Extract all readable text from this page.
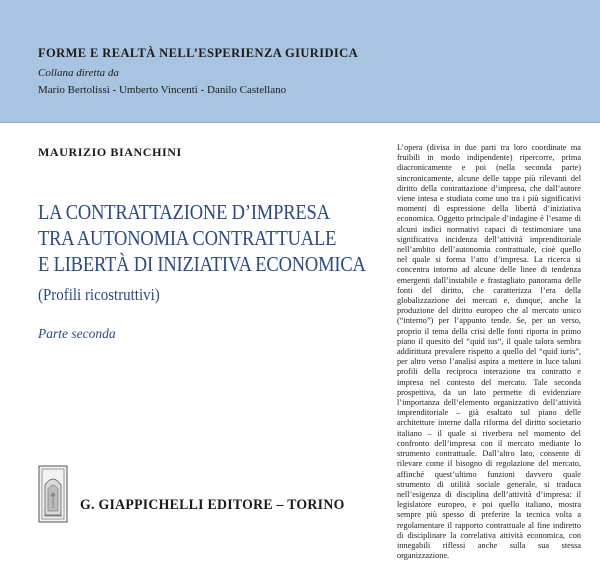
FORME E REALTÀ NELL’ESPERIENZA GIURIDICA
Collana diretta da
Mario Bertolissi - Umberto Vincenti - Danilo Castellano
MAURIZIO BIANCHINI
LA CONTRATTAZIONE D’IMPRESA
TRA AUTONOMIA CONTRATTUALE
E LIBERTÀ DI INIZIATIVA ECONOMICA
(Profili ricostruttivi)
Parte seconda
G. GIAPPICHELLI EDITORE – TORINO

L’opera (divisa in due parti tra loro coordinate ma fruibili in modo indipendente) ripercorre, prima diacronicamente e poi (nella seconda parte) sincronicamente, alcune delle tappe più rilevanti del diritto della contrattazione d’impresa, che dall’autore viene intesa e studiata come uno tra i più significativi momenti di espressione della libertà d’iniziativa economica. Oggetto principale d’indagine è l’esame di alcuni indici normativi capaci di testimoniare una significativa incidenza dell’attività imprenditoriale nell’ambito dell’autonomia contrattuale, cioè quello nel quale si forma l’atto d’impresa. La ricerca si concentra intorno ad alcune delle linee di tendenza emergenti dall’instabile e frastagliato panorama delle fonti del diritto, che caratterizza l’era della globalizzazione dei mercati e, dunque, anche la produzione del diritto europeo che al mercato unico (“interno”) per l’appunto tende. Se, per un verso, proprio il tema della crisi delle fonti riporta in primo piano il quesito del “quid ius”, il quale talora sembra addirittura prevalere rispetto a quello del “quid iuris”, per altro verso l’analisi aspira a mettere in luce taluni profili della reciproca interazione tra contratto e impresa nel contesto del mercato. Tale seconda prospettiva, da un lato permette di evidenziare l’importanza dell’elemento organizzativo dell’attività imprenditoriale – già esaltato sul piano delle architetture interne dalla riforma del diritto societario italiano – il quale si riverbera nel momento del confronto dell’impresa con il mercato mediante lo strumento contrattuale. Dall’altro lato, consente di rilevare come il bisogno di regolazione del mercato, affinché quest’ultimo funzioni davvero quale strumento di utilità sociale generale, si traduca nell’esigenza di disciplina dell’attività d’impresa: il legislatore europeo, e poi quello italiano, mostra sempre più spesso di preferire la tecnica volta a regolamentare il rapporto contrattuale al fine indiretto di disciplinare la correlativa attività economica, con innegabili riflessi anche sulla sua stessa organizzazione.
